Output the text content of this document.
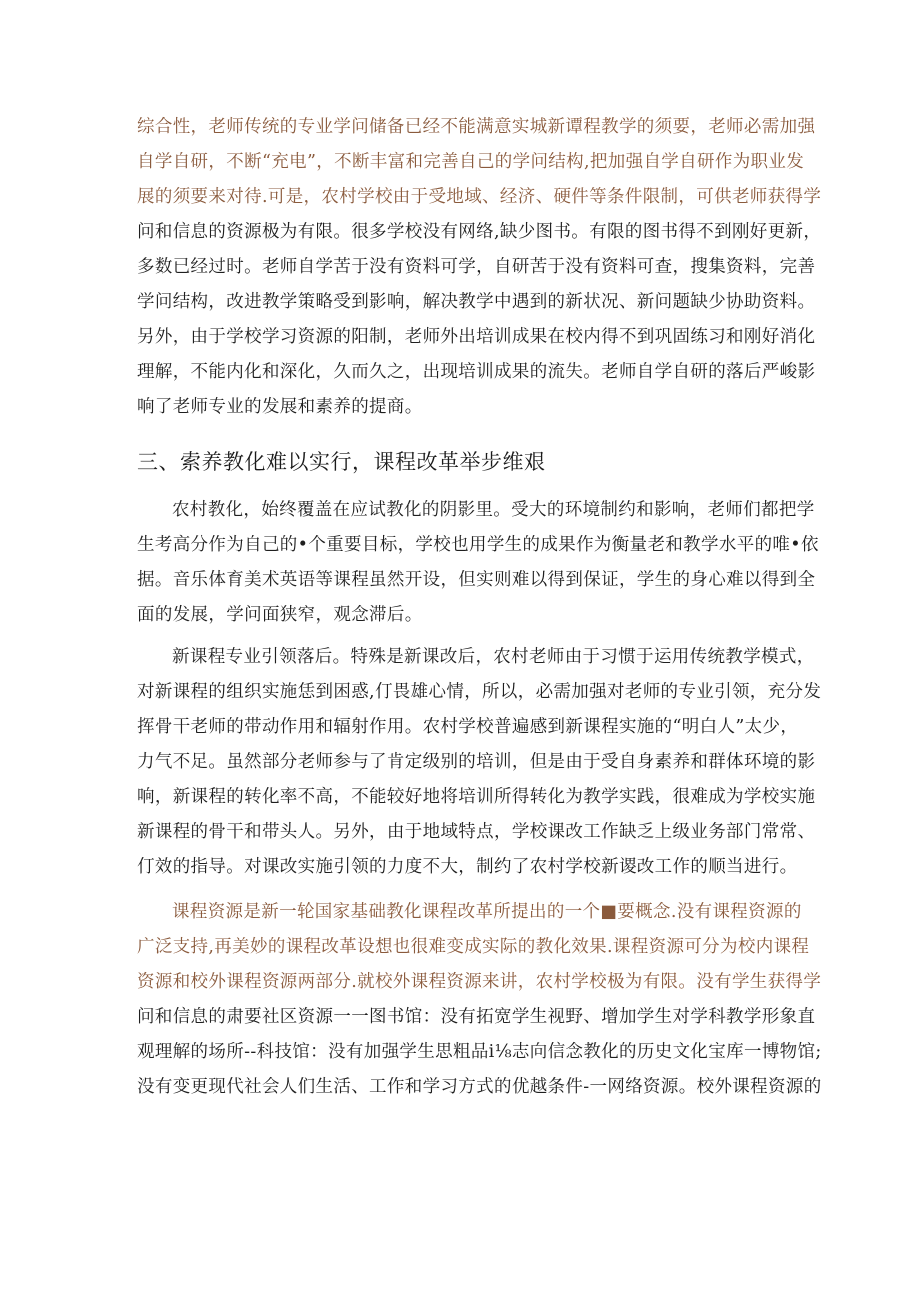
综合性，老师传统的专业学问储备已经不能满意实城新谭程教学的须要，老师必需加强
自学自研，不断“充电”，不断丰富和完善自己的学问结构,把加强自学自研作为职业发
展的须要来对待.可是，农村学校由于受地域、经济、硬件等条件限制，可供老师获得学
问和信息的资源极为有限。很多学校没有网络,缺少图书。有限的图书得不到刚好更新，
多数已经过时。老师自学苦于没有资料可学，自研苦于没有资料可查，搜集资料，完善
学问结构，改进教学策略受到影响，解决教学中遇到的新状况、新问题缺少协助资料。
另外，由于学校学习资源的阳制，老师外出培训成果在校内得不到巩固练习和刚好消化
理解，不能内化和深化，久而久之，出现培训成果的流失。老师自学自研的落后严峻影
响了老师专业的发展和素养的提商。
三、索养教化难以实行，课程改革举步维艰
农村教化，始终覆盖在应试教化的阴影里。受大的环境制约和影响，老师们都把学
生考高分作为自己的•个重要目标，学校也用学生的成果作为衡量老和教学水平的唯•依
据。音乐体育美术英语等课程虽然开设，但实则难以得到保证，学生的身心难以得到全
面的发展，学问面狭窄，观念滞后。
新课程专业引领落后。特殊是新课改后，农村老师由于习惯于运用传统教学模式，
对新课程的组织实施恁到困惑,仃畏雄心情，所以，必需加强对老师的专业引领，充分发
挥骨干老师的带动作用和辐射作用。农村学校普遍感到新课程实施的“明白人”太少，
力气不足。虽然部分老师参与了肯定级别的培训，但是由于受自身素养和群体环境的影
响，新课程的转化率不高，不能较好地将培训所得转化为教学实践，很难成为学校实施
新课程的骨干和带头人。另外，由于地域特点，学校课改工作缺乏上级业务部门常常、
仃效的指导。对课改实施引领的力度不大，制约了农村学校新谡改工作的顺当进行。
课程资源是新一轮国家基础教化课程改革所提出的一个■要概念.没有课程资源的
广泛支持,再美妙的课程改革设想也很难变成实际的教化效果.课程资源可分为校内课程
资源和校外课程资源两部分.就校外课程资源来讲，农村学校极为有限。没有学生获得学
问和信息的肃要社区资源一一图书馆：没有拓宽学生视野、增加学生对学科教学形象直
观理解的场所--科技馆：没有加强学生思粗品i⅛志向信念教化的历史文化宝库一博物馆;
没有变更现代社会人们生活、工作和学习方式的优越条件-一网络资源。校外课程资源的
